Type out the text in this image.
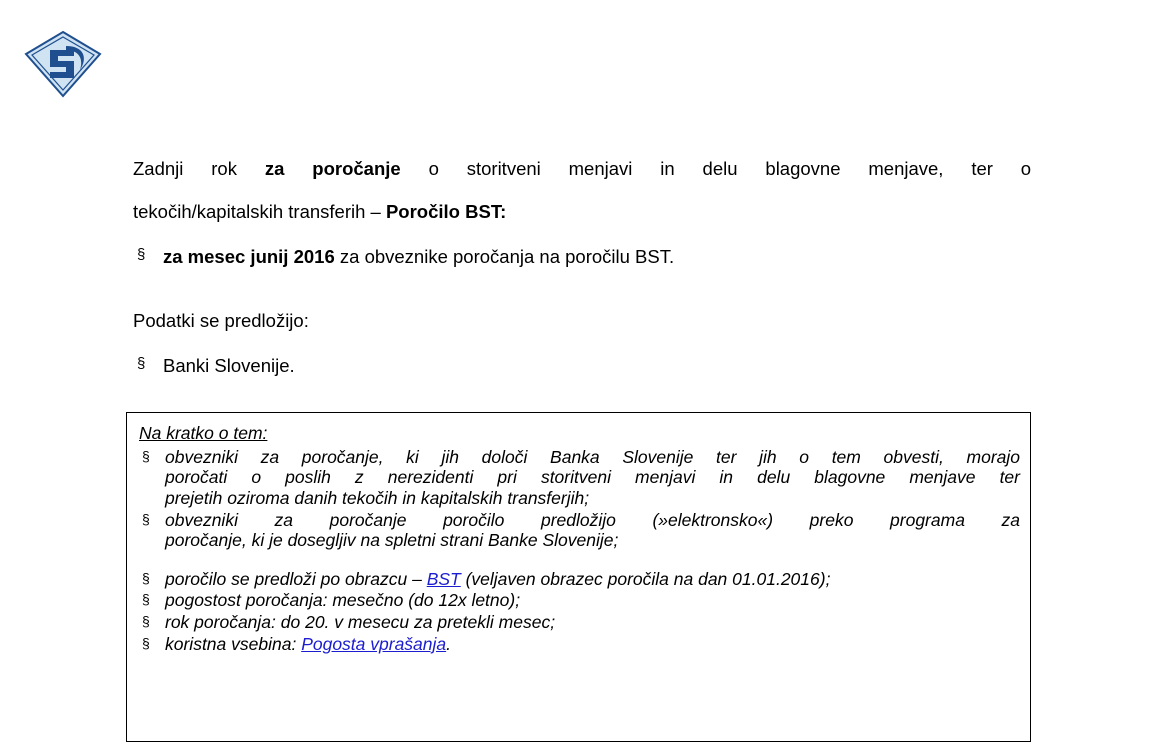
Zadnji rok za poročanje o storitveni menjavi in delu blagovne menjave, ter o
tekočih/kapitalskih transferih – Poročilo BST:
§ za mesec junij 2016 za obveznike poročanja na poročilu BST.
Podatki se predložijo:
§ Banki Slovenije.
Na kratko o tem:
§ obvezniki za poročanje, ki jih določi Banka Slovenije ter jih o tem obvesti, morajo
poročati o poslih z nerezidenti pri storitveni menjavi in delu blagovne menjave ter
prejetih oziroma danih tekočih in kapitalskih transferjih;
§ obvezniki za poročanje poročilo predložijo (»elektronsko«) preko programa za
poročanje, ki je dosegljiv na spletni strani Banke Slovenije;
§ poročilo se predloži po obrazcu – BST (veljaven obrazec poročila na dan 01.01.2016);
§ pogostost poročanja: mesečno (do 12x letno);
§ rok poročanja: do 20. v mesecu za pretekli mesec;
§ koristna vsebina: Pogosta vprašanja.
